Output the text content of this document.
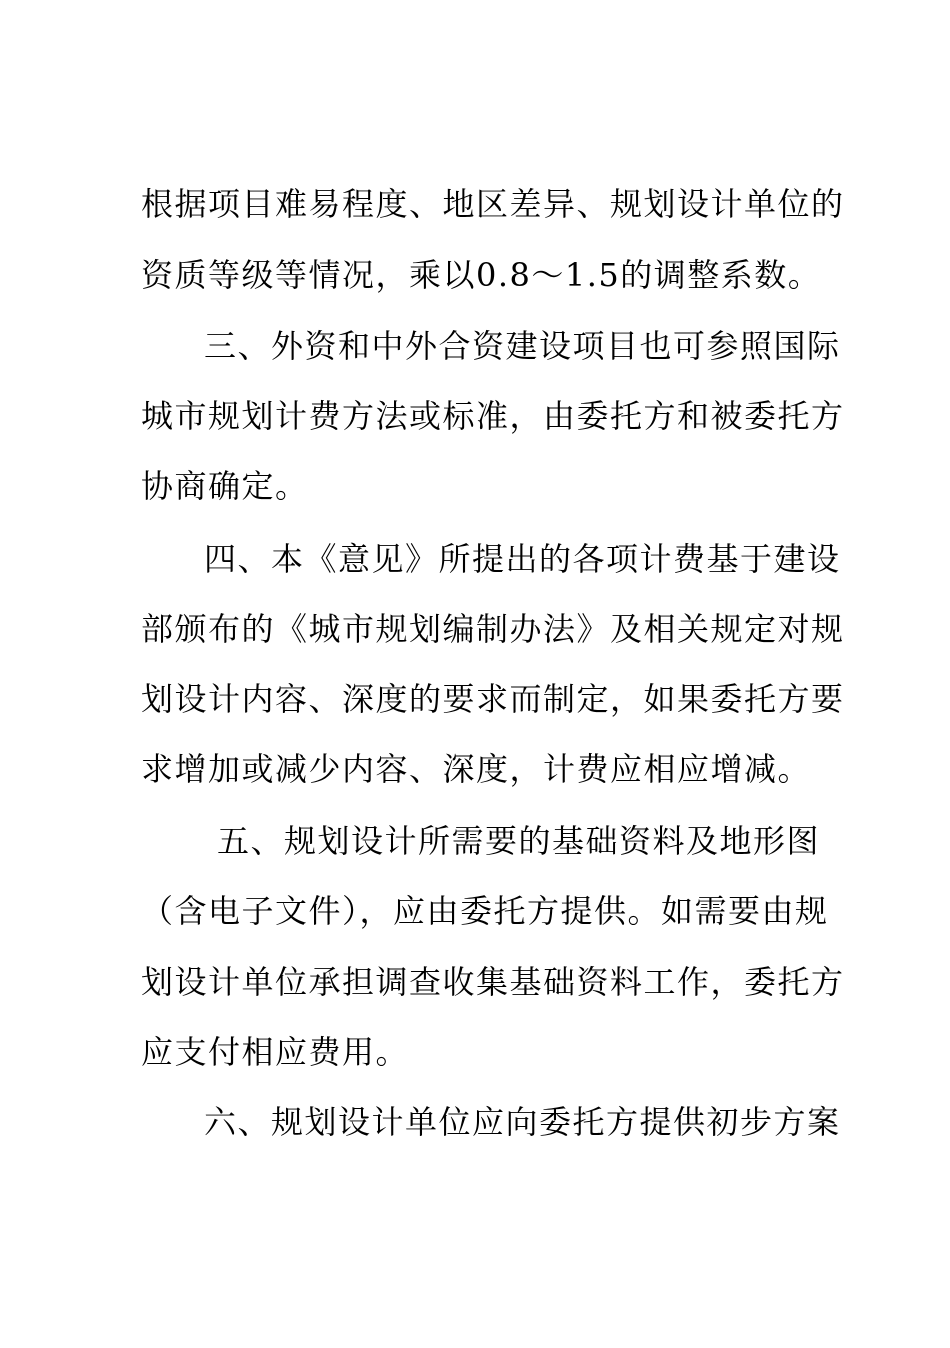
根据项目难易程度、地区差异、规划设计单位的
资质等级等情况，乘以0.8～1.5的调整系数。
三、外资和中外合资建设项目也可参照国际
城市规划计费方法或标准，由委托方和被委托方
协商确定。
四、本《意见》所提出的各项计费基于建设
部颁布的《城市规划编制办法》及相关规定对规
划设计内容、深度的要求而制定，如果委托方要
求增加或减少内容、深度，计费应相应增减。
五、规划设计所需要的基础资料及地形图
（含电子文件），应由委托方提供。如需要由规
划设计单位承担调查收集基础资料工作，委托方
应支付相应费用。
六、规划设计单位应向委托方提供初步方案
